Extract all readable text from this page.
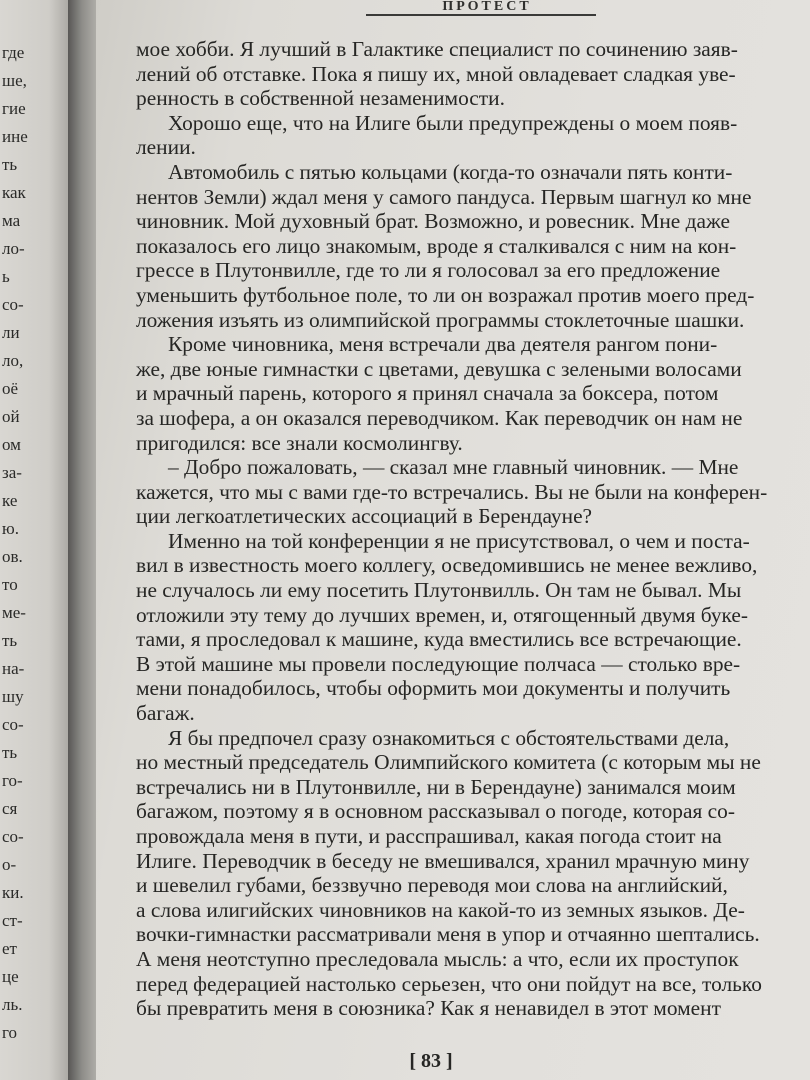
где
ше,
гие
ине
ть
как
ма
ло-
ь
со-
ли
ло,
оё
ой
ом
за-
ке
ю.
ов.
то
ме-
ть
на-
шу
со-
ть
го-
ся
со-
о-
ки.
ст-
ет
це
ль.
го
ПРОТЕСТ
мое хобби. Я лучший в Галактике специалист по сочинению заяв-
лений об отставке. Пока я пишу их, мной овладевает сладкая уве-
ренность в собственной незаменимости.
Хорошо еще, что на Илиге были предупреждены о моем появ-
лении.
Автомобиль с пятью кольцами (когда-то означали пять конти-
нентов Земли) ждал меня у самого пандуса. Первым шагнул ко мне
чиновник. Мой духовный брат. Возможно, и ровесник. Мне даже
показалось его лицо знакомым, вроде я сталкивался с ним на кон-
грессе в Плутонвилле, где то ли я голосовал за его предложение
уменьшить футбольное поле, то ли он возражал против моего пред-
ложения изъять из олимпийской программы стоклеточные шашки.
Кроме чиновника, меня встречали два деятеля рангом пони-
же, две юные гимнастки с цветами, девушка с зелеными волосами
и мрачный парень, которого я принял сначала за боксера, потом
за шофера, а он оказался переводчиком. Как переводчик он нам не
пригодился: все знали космолингву.
– Добро пожаловать, — сказал мне главный чиновник. — Мне
кажется, что мы с вами где-то встречались. Вы не были на конферен-
ции легкоатлетических ассоциаций в Берендауне?
Именно на той конференции я не присутствовал, о чем и поста-
вил в известность моего коллегу, осведомившись не менее вежливо,
не случалось ли ему посетить Плутонвилль. Он там не бывал. Мы
отложили эту тему до лучших времен, и, отягощенный двумя буке-
тами, я проследовал к машине, куда вместились все встречающие.
В этой машине мы провели последующие полчаса — столько вре-
мени понадобилось, чтобы оформить мои документы и получить
багаж.
Я бы предпочел сразу ознакомиться с обстоятельствами дела,
но местный председатель Олимпийского комитета (с которым мы не
встречались ни в Плутонвилле, ни в Берендауне) занимался моим
багажом, поэтому я в основном рассказывал о погоде, которая со-
провождала меня в пути, и расспрашивал, какая погода стоит на
Илиге. Переводчик в беседу не вмешивался, хранил мрачную мину
и шевелил губами, беззвучно переводя мои слова на английский,
а слова илигийских чиновников на какой-то из земных языков. Де-
вочки-гимнастки рассматривали меня в упор и отчаянно шептались.
А меня неотступно преследовала мысль: а что, если их проступок
перед федерацией настолько серьезен, что они пойдут на все, только
бы превратить меня в союзника? Как я ненавидел в этот момент
[ 83 ]
